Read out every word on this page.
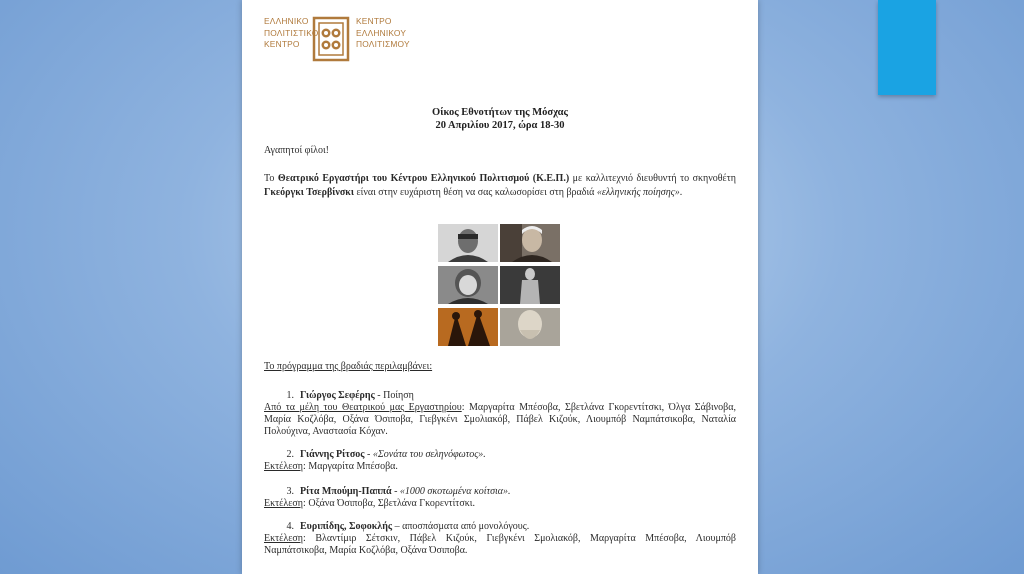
ΕΛΛΗΝΙΚΟ
ΠΟΛΙΤΙΣΤΙΚΟ
ΚΕΝΤΡΟ
ΚΕΝΤΡΟ
ΕΛΛΗΝΙΚΟΥ
ΠΟΛΙΤΙΣΜΟΥ
Οίκος Εθνοτήτων της Μόσχας
20 Απριλίου 2017, ώρα 18-30
Αγαπητοί φίλοι!
Το Θεατρικό Εργαστήρι του Κέντρου Ελληνικού Πολιτισμού (Κ.Ε.Π.) με καλλιτεχνιό διευθυντή το σκηνοθέτη Γκεόργκι Τσερβίνσκι είναι στην ευχάριστη θέση να σας καλωσορίσει στη βραδιά «ελληνικής ποίησης».
Το πρόγραμμα της βραδιάς περιλαμβάνει:
1. Γιώργος Σεφέρης - Ποίηση
Από τα μέλη του Θεατρικού μας Εργαστηρίου: Μαργαρίτα Μπέσοβα, Σβετλάνα Γκορεντίτσκι, Όλγα Σάβινοβα, Μαρία Κοζλόβα, Οξάνα Όσιποβα, Γιεβγκένι Σμολιακόβ, Πάβελ Κιζούκ, Λιουμπόβ Ναμπάτσικοβα, Ναταλία Πολούχινα, Αναστασία Κόχαν.
2. Γιάννης Ρίτσος - «Σονάτα του σεληνόφωτος».
Εκτέλεση: Μαργαρίτα Μπέσοβα.
3. Ρίτα Μπούμη-Παππά - «1000 σκοτωμένα κοίτσια».
Εκτέλεση: Οξάνα Όσιποβα, Σβετλάνα Γκορεντίτσκι.
4. Ευριπίδης, Σοφοκλής – αποσπάσματα από μονολόγους.
Εκτέλεση: Βλαντίμιρ Σέτσκιν, Πάβελ Κιζούκ, Γιεβγκένι Σμολιακόβ, Μαργαρίτα Μπέσοβα, Λιουμπόβ Ναμπάτσικοβα, Μαρία Κοζλόβα, Οξάνα Όσιποβα.
